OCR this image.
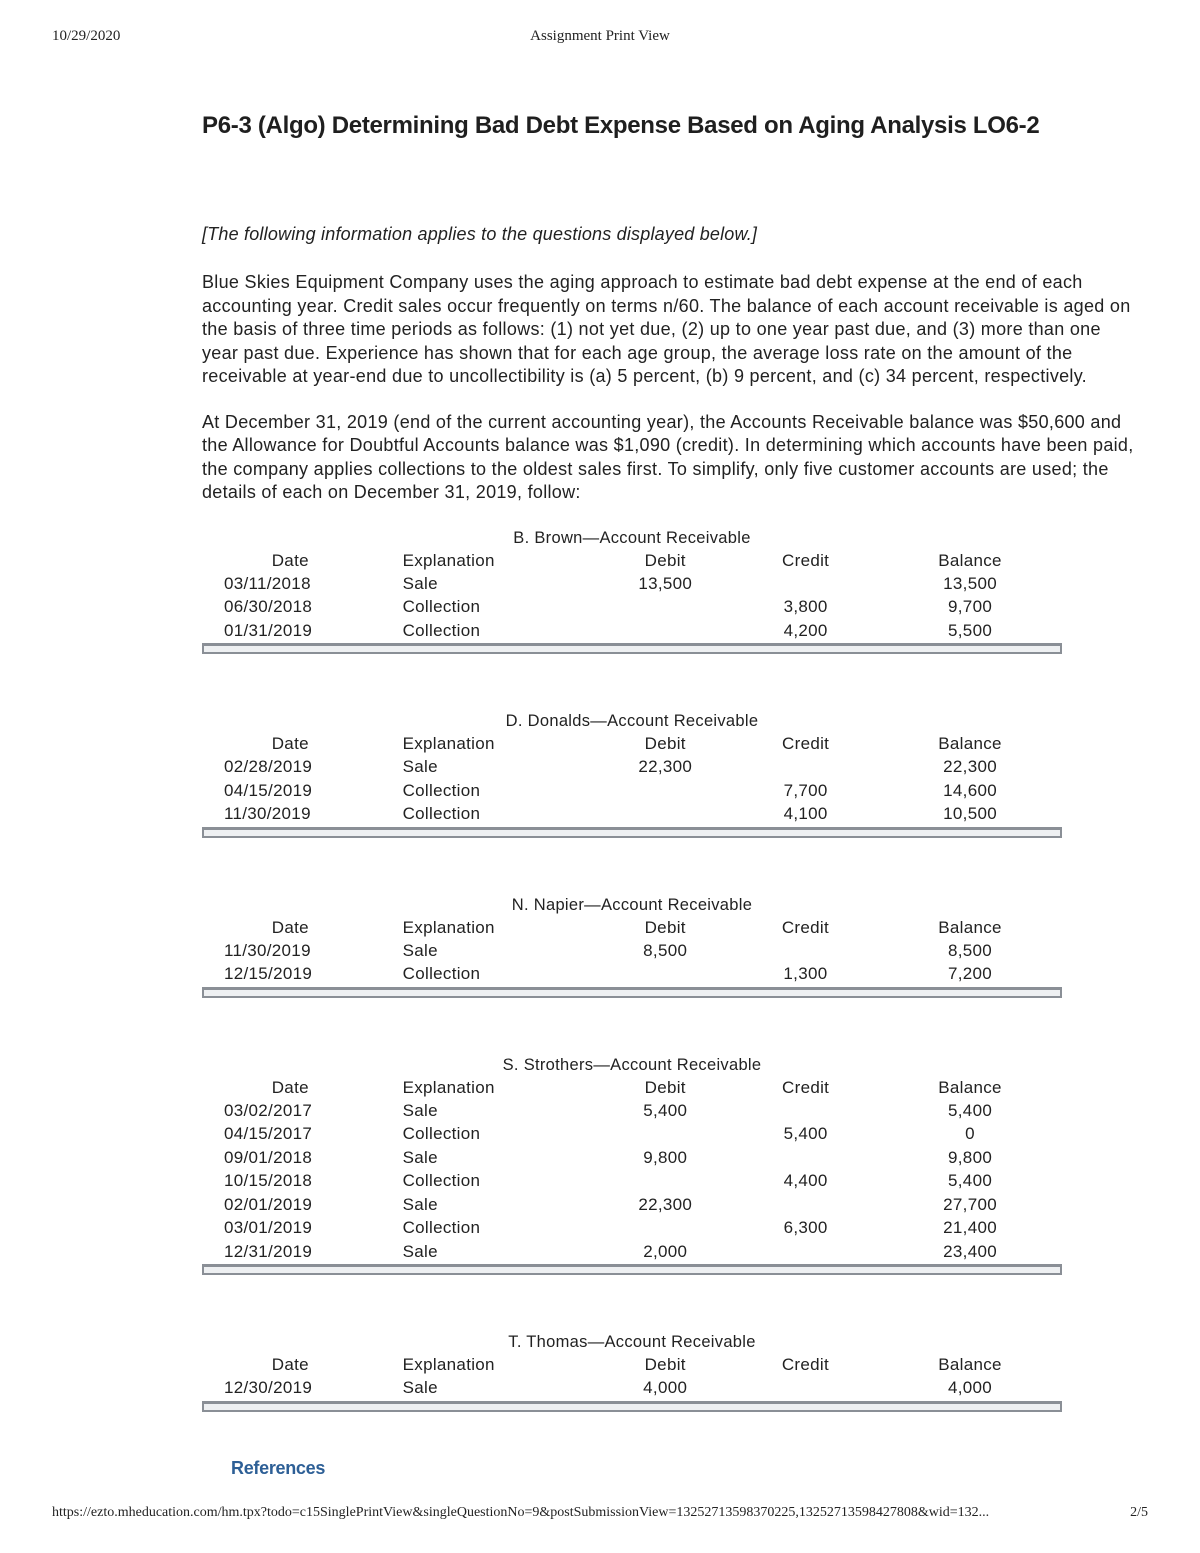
10/29/2020	Assignment Print View
P6-3 (Algo) Determining Bad Debt Expense Based on Aging Analysis LO6-2

[The following information applies to the questions displayed below.]

Blue Skies Equipment Company uses the aging approach to estimate bad debt expense at the end of each accounting year. Credit sales occur frequently on terms n/60. The balance of each account receivable is aged on the basis of three time periods as follows: (1) not yet due, (2) up to one year past due, and (3) more than one year past due. Experience has shown that for each age group, the average loss rate on the amount of the receivable at year-end due to uncollectibility is (a) 5 percent, (b) 9 percent, and (c) 34 percent, respectively.

At December 31, 2019 (end of the current accounting year), the Accounts Receivable balance was $50,600 and the Allowance for Doubtful Accounts balance was $1,090 (credit). In determining which accounts have been paid, the company applies collections to the oldest sales first. To simplify, only five customer accounts are used; the details of each on December 31, 2019, follow:

B. Brown—Account Receivable
Date	Explanation	Debit	Credit	Balance
03/11/2018	Sale	13,500		13,500
06/30/2018	Collection		3,800	9,700
01/31/2019	Collection		4,200	5,500
D. Donalds—Account Receivable
Date	Explanation	Debit	Credit	Balance
02/28/2019	Sale	22,300		22,300
04/15/2019	Collection		7,700	14,600
11/30/2019	Collection		4,100	10,500
N. Napier—Account Receivable
Date	Explanation	Debit	Credit	Balance
11/30/2019	Sale	8,500		8,500
12/15/2019	Collection		1,300	7,200
S. Strothers—Account Receivable
Date	Explanation	Debit	Credit	Balance
03/02/2017	Sale	5,400		5,400
04/15/2017	Collection		5,400	0
09/01/2018	Sale	9,800		9,800
10/15/2018	Collection		4,400	5,400
02/01/2019	Sale	22,300		27,700
03/01/2019	Collection		6,300	21,400
12/31/2019	Sale	2,000		23,400
T. Thomas—Account Receivable
Date	Explanation	Debit	Credit	Balance
12/30/2019	Sale	4,000		4,000
References
https://ezto.mheducation.com/hm.tpx?todo=c15SinglePrintView&singleQuestionNo=9&postSubmissionView=13252713598370225,13252713598427808&wid=132...	2/5
